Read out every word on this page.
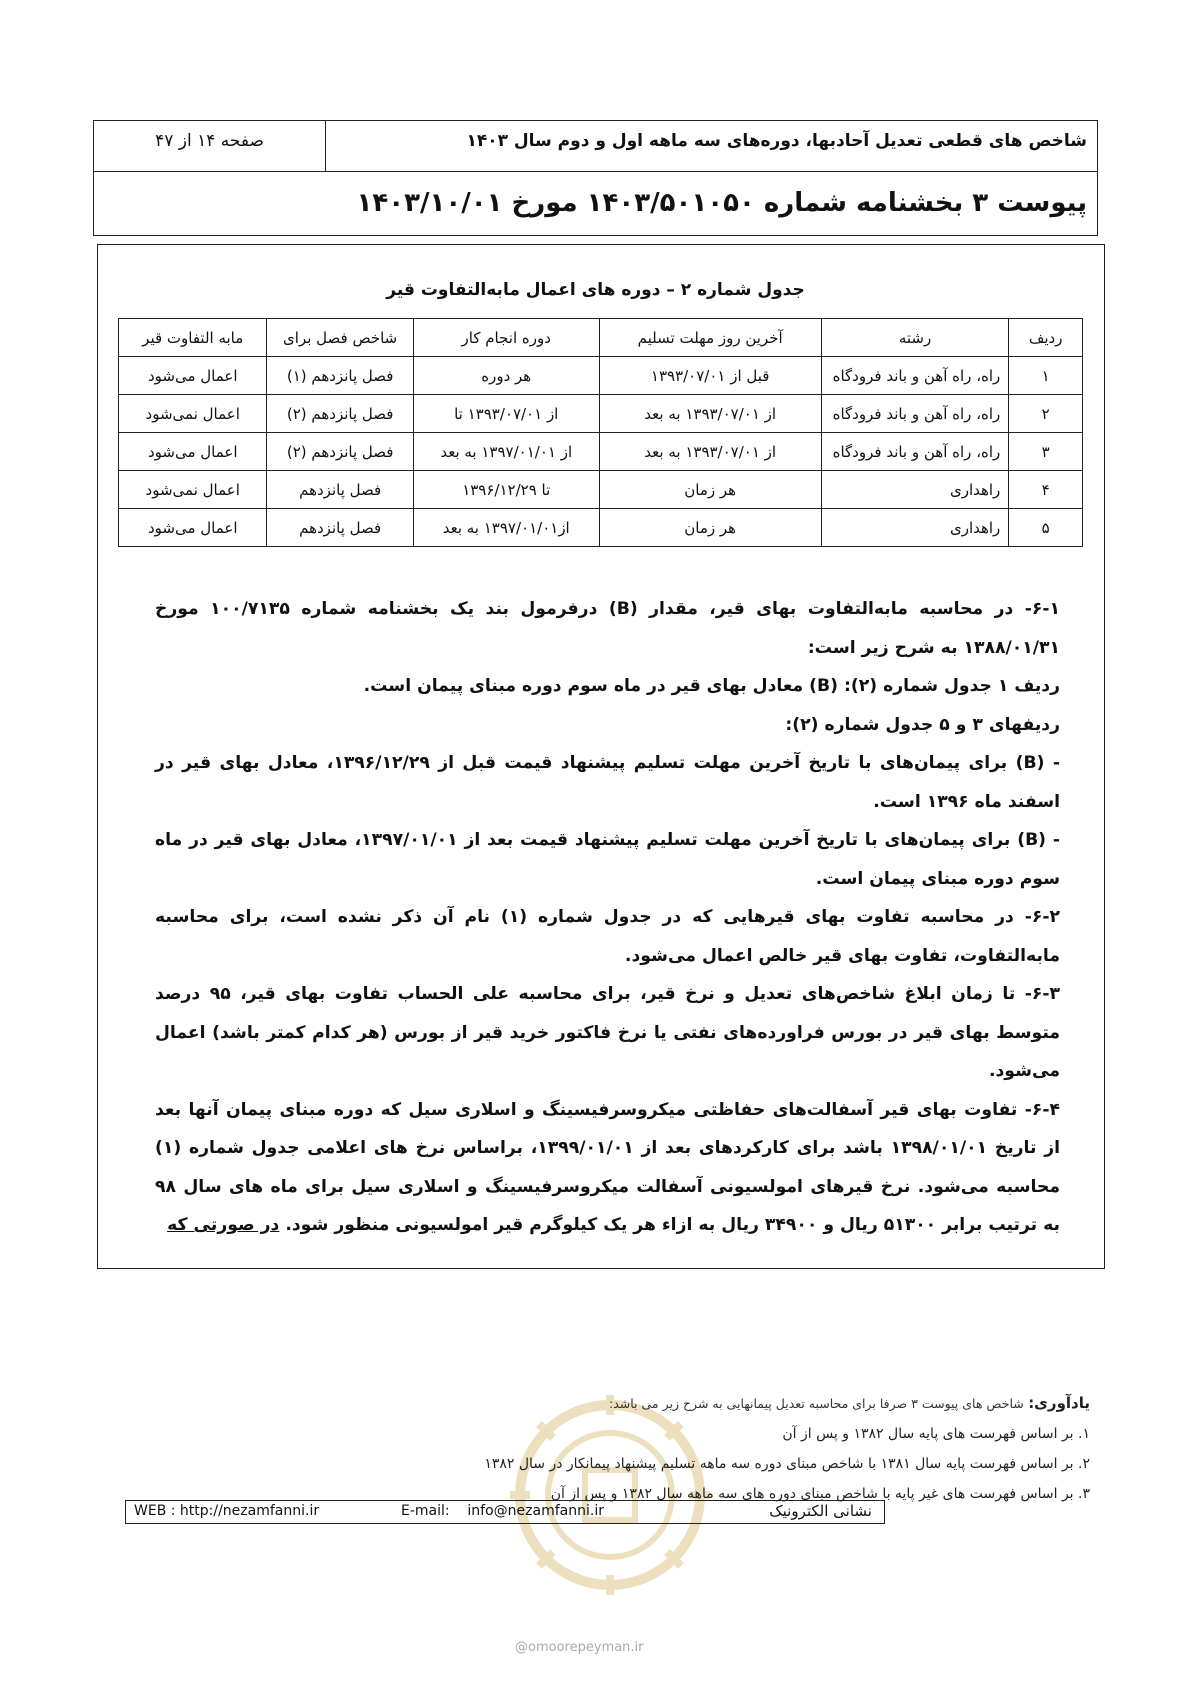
شاخص های قطعی تعدیل آحادبها، دوره‌های سه ماهه اول و دوم سال ۱۴۰۳
صفحه ۱۴ از ۴۷
پیوست ۳ بخشنامه شماره ۱۴۰۳/۵۰۱۰۵۰ مورخ ۱۴۰۳/۱۰/۰۱
جدول شماره ۲ – دوره های اعمال مابه‌التفاوت قیر
ردیف	رشته	آخرین روز مهلت تسلیم	دوره انجام کار	شاخص فصل برای	مابه التفاوت قیر
۱	راه، راه آهن و باند فرودگاه	قبل از ۱۳۹۳/۰۷/۰۱	هر دوره	فصل پانزدهم (۱)	اعمال می‌شود
۲	راه، راه آهن و باند فرودگاه	از ۱۳۹۳/۰۷/۰۱ به بعد	از ۱۳۹۳/۰۷/۰۱ تا	فصل پانزدهم (۲)	اعمال نمی‌شود
۳	راه، راه آهن و باند فرودگاه	از ۱۳۹۳/۰۷/۰۱ به بعد	از ۱۳۹۷/۰۱/۰۱ به بعد	فصل پانزدهم (۲)	اعمال می‌شود
۴	راهداری	هر زمان	تا ۱۳۹۶/۱۲/۲۹	فصل پانزدهم	اعمال نمی‌شود
۵	راهداری	هر زمان	از۱۳۹۷/۰۱/۰۱ به بعد	فصل پانزدهم	اعمال می‌شود

۶-۱- در محاسبه مابه‌التفاوت بهای قیر، مقدار (B) درفرمول بند یک بخشنامه شماره ۱۰۰/۷۱۳۵ مورخ ۱۳۸۸/۰۱/۳۱ به شرح زیر است:

ردیف ۱ جدول شماره (۲): (B) معادل بهای قیر در ماه سوم دوره مبنای پیمان است.

ردیفهای ۳ و ۵ جدول شماره (۲):

- (B) برای پیمان‌های با تاریخ آخرین مهلت تسلیم پیشنهاد قیمت قبل از ۱۳۹۶/۱۲/۲۹، معادل بهای قیر در اسفند ماه ۱۳۹۶ است.

- (B) برای پیمان‌های با تاریخ آخرین مهلت تسلیم پیشنهاد قیمت بعد از ۱۳۹۷/۰۱/۰۱، معادل بهای قیر در ماه سوم دوره مبنای پیمان است.

۶-۲- در محاسبه تفاوت بهای قیرهایی که در جدول شماره (۱) نام آن ذکر نشده است، برای محاسبه مابه‌التفاوت، تفاوت بهای قیر خالص اعمال می‌شود.

۶-۳- تا زمان ابلاغ شاخص‌های تعدیل و نرخ قیر، برای محاسبه علی الحساب تفاوت بهای قیر، ۹۵ درصد متوسط بهای قیر در بورس فراورده‌های نفتی یا نرخ فاکتور خرید قیر از بورس (هر کدام کمتر باشد) اعمال می‌شود.

۶-۴- تفاوت بهای قیر آسفالت‌های حفاظتی میکروسرفیسینگ و اسلاری سیل که دوره مبنای پیمان آنها بعد از تاریخ ۱۳۹۸/۰۱/۰۱ باشد برای کارکردهای بعد از ۱۳۹۹/۰۱/۰۱، براساس نرخ های اعلامی جدول شماره (۱) محاسبه می‌شود. نرخ قیرهای امولسیونی آسفالت میکروسرفیسینگ و اسلاری سیل برای ماه های سال ۹۸ به ترتیب برابر ۵۱۳۰۰ ریال و ۳۴۹۰۰ ریال به ازاء هر یک کیلوگرم قیر امولسیونی منظور شود. در صورتی که

@omoorepeyman.ir
یادآوری: شاخص های پیوست ۳ صرفا برای محاسبه تعدیل پیمانهایی به شرح زیر می باشد:
۱. بر اساس فهرست های پایه سال ۱۳۸۲ و پس از آن
۲. بر اساس فهرست پایه سال ۱۳۸۱ با شاخص مبنای دوره سه ماهه تسلیم پیشنهاد پیمانکار در سال ۱۳۸۲
۳. بر اساس فهرست های غیر پایه با شاخص مبنای دوره های سه ماهه سال ۱۳۸۲ و پس از آن
WEB : http://nezamfanni.ir	E-mail:    info@nezamfanni.ir	نشانی الکترونیک
